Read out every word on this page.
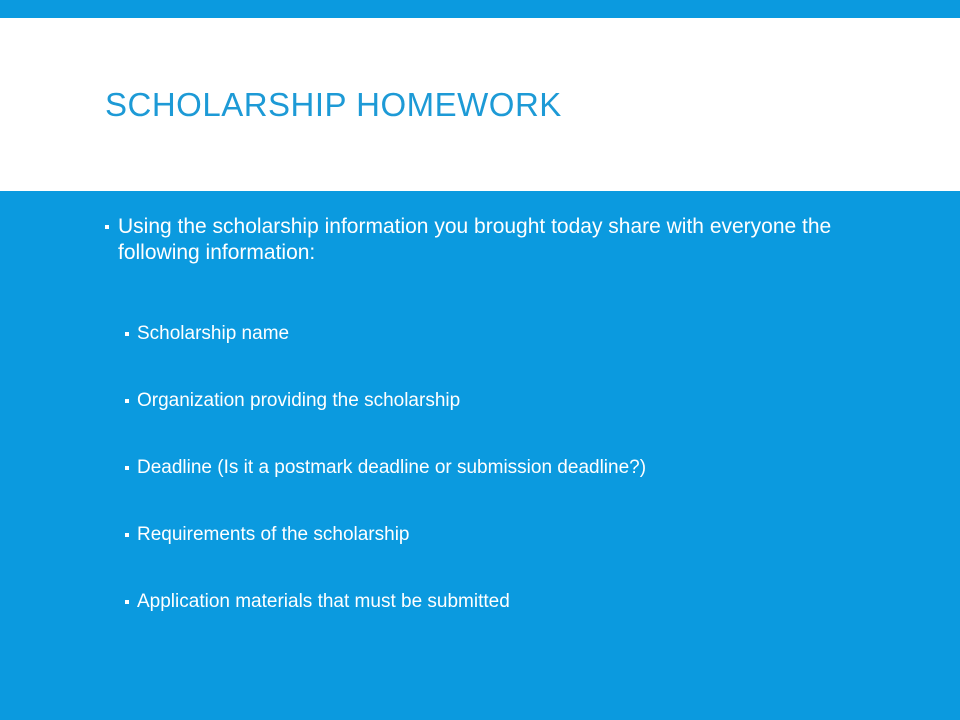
SCHOLARSHIP HOMEWORK
Using the scholarship information you brought today share with everyone the following information:
Scholarship name
Organization providing the scholarship
Deadline (Is it a postmark deadline or submission deadline?)
Requirements of the scholarship
Application materials that must be submitted
